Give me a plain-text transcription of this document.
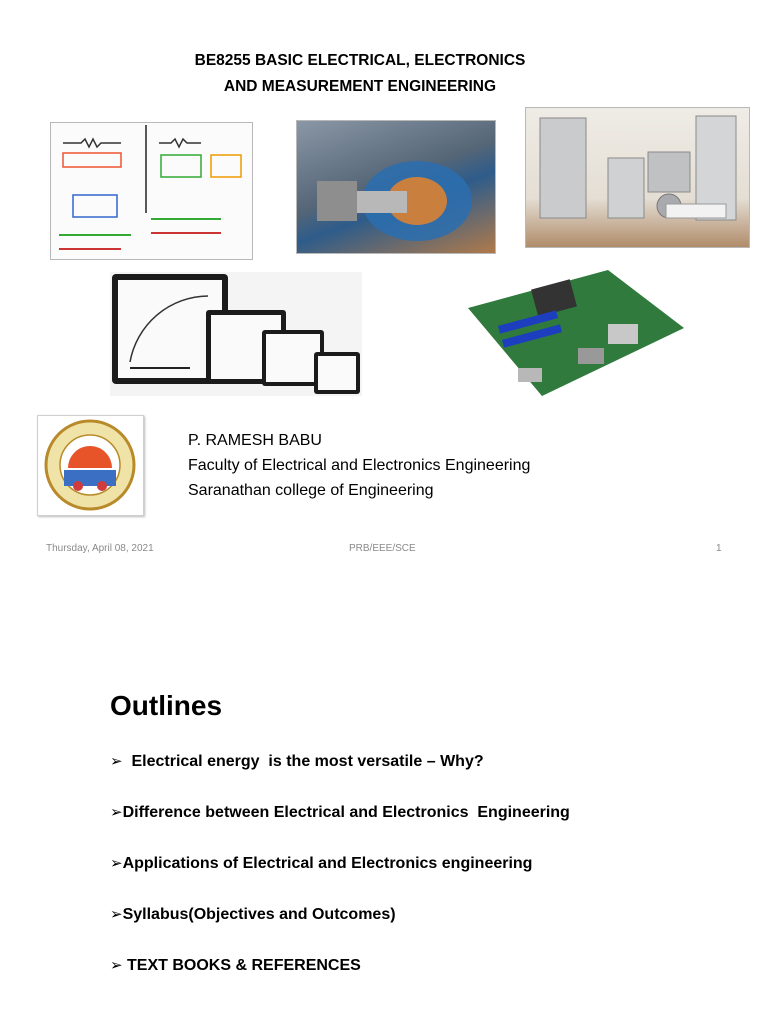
BE8255 BASIC ELECTRICAL, ELECTRONICS
AND MEASUREMENT ENGINEERING
P. RAMESH BABU
Faculty of Electrical and Electronics Engineering
Saranathan college of Engineering
Thursday, April 08, 2021	PRB/EEE/SCE	1
Outlines
➢  Electrical energy  is the most versatile – Why?
➢Difference between Electrical and Electronics  Engineering
➢Applications of Electrical and Electronics engineering
➢Syllabus(Objectives and Outcomes)
➢ TEXT BOOKS & REFERENCES
